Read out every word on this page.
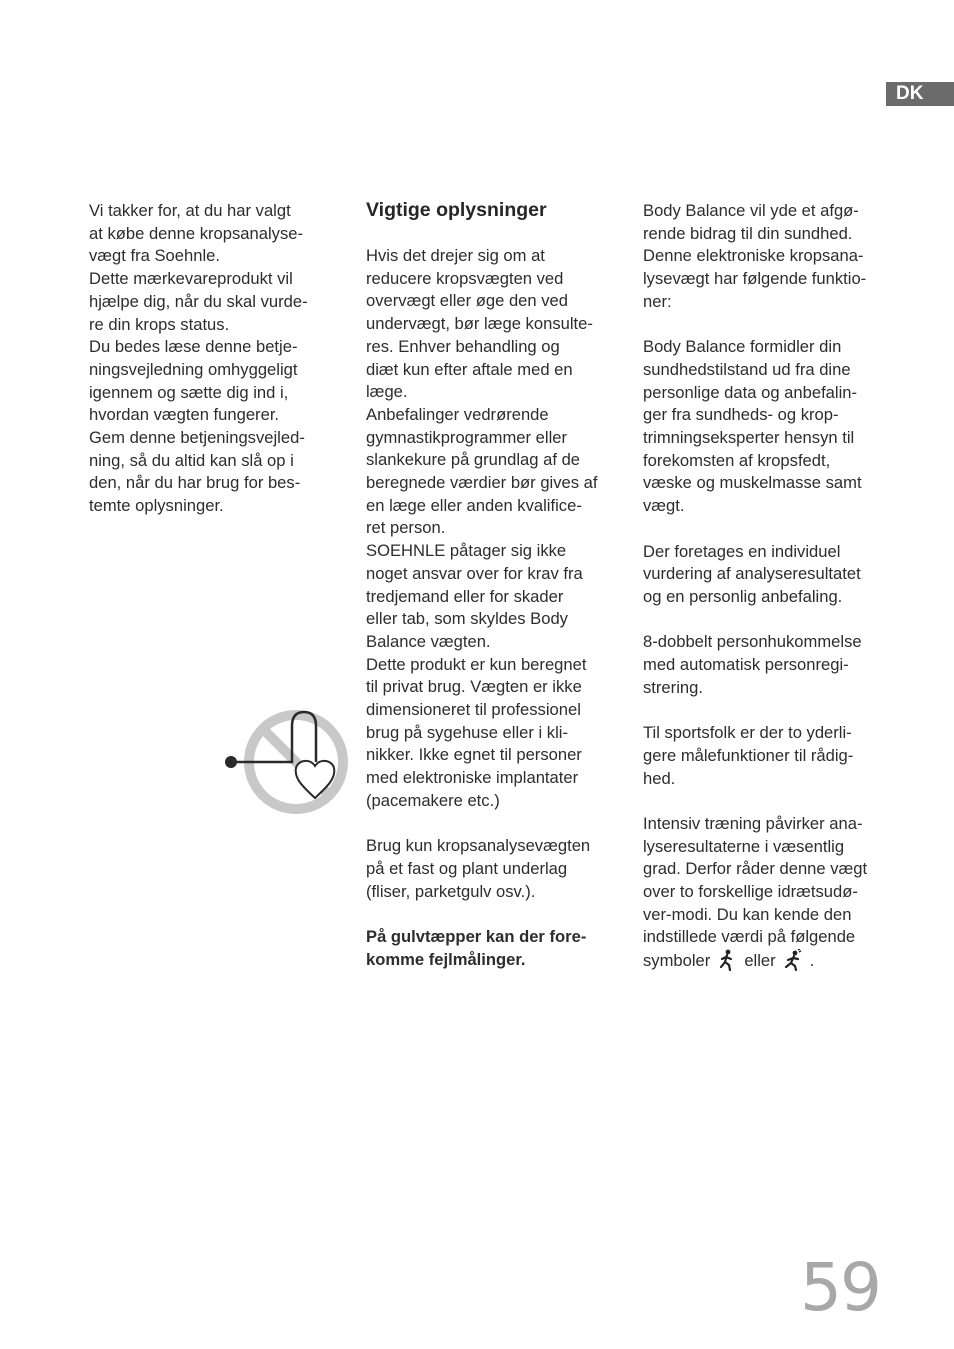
DK

Vi takker for, at du har valgt
at købe denne kropsanalyse-
vægt fra Soehnle.
Dette mærkevareprodukt vil
hjælpe dig, når du skal vurde-
re din krops status.
Du bedes læse denne betje-
ningsvejledning omhyggeligt
igennem og sætte dig ind i,
hvordan vægten fungerer.
Gem denne betjeningsvejled-
ning, så du altid kan slå op i
den, når du har brug for bes-
temte oplysninger.

Vigtige oplysninger

Hvis det drejer sig om at
reducere kropsvægten ved
overvægt eller øge den ved
undervægt, bør læge konsulte-
res. Enhver behandling og
diæt kun efter aftale med en
læge.
Anbefalinger vedrørende
gymnastikprogrammer eller
slankekure på grundlag af de
beregnede værdier bør gives af
en læge eller anden kvalifice-
ret person.
SOEHNLE påtager sig ikke
noget ansvar over for krav fra
tredjemand eller for skader
eller tab, som skyldes Body
Balance vægten.
Dette produkt er kun beregnet
til privat brug. Vægten er ikke
dimensioneret til professionel
brug på sygehuse eller i kli-
nikker. Ikke egnet til personer
med elektroniske implantater
(pacemakere etc.)

Brug kun kropsanalysevægten
på et fast og plant underlag
(fliser, parketgulv osv.).

På gulvtæpper kan der fore-
komme fejlmålinger.

Body Balance vil yde et afgø-
rende bidrag til din sundhed.
Denne elektroniske kropsana-
lysevægt har følgende funktio-
ner:

Body Balance formidler din
sundhedstilstand ud fra dine
personlige data og anbefalin-
ger fra sundheds- og krop-
trimningseksperter hensyn til
forekomsten af kropsfedt,
væske og muskelmasse samt
vægt.

Der foretages en individuel
vurdering af analyseresultatet
og en personlig anbefaling.

8-dobbelt personhukommelse
med automatisk personregi-
strering.

Til sportsfolk er der to yderli-
gere målefunktioner til rådig-
hed.

Intensiv træning påvirker ana-
lyseresultaterne i væsentlig
grad. Derfor råder denne vægt
over to forskellige idrætsudø-
ver-modi. Du kan kende den
indstillede værdi på følgende

symboler eller .

59
